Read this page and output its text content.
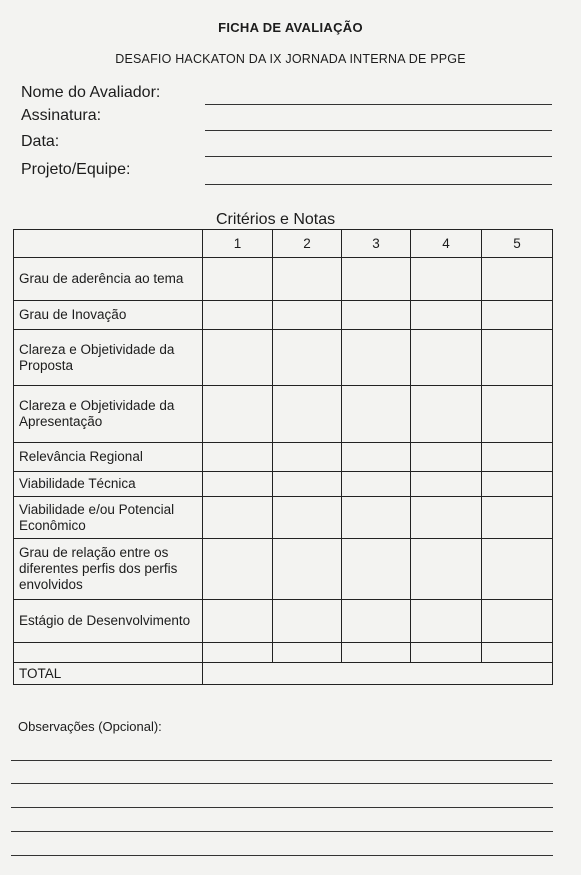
FICHA DE AVALIAÇÃO
DESAFIO HACKATON DA IX JORNADA INTERNA DE PPGE
Nome do Avaliador:
Assinatura:
Data:
Projeto/Equipe:
Critérios e Notas
	1	2	3	4	5
Grau de aderência ao tema					
Grau de Inovação					
Clareza e Objetividade da Proposta					
Clareza e Objetividade da Apresentação					
Relevância Regional					
Viabilidade Técnica					
Viabilidade e/ou Potencial Econômico					
Grau de relação entre os diferentes perfis dos perfis envolvidos					
Estágio de Desenvolvimento					

TOTAL					
Observações (Opcional):
